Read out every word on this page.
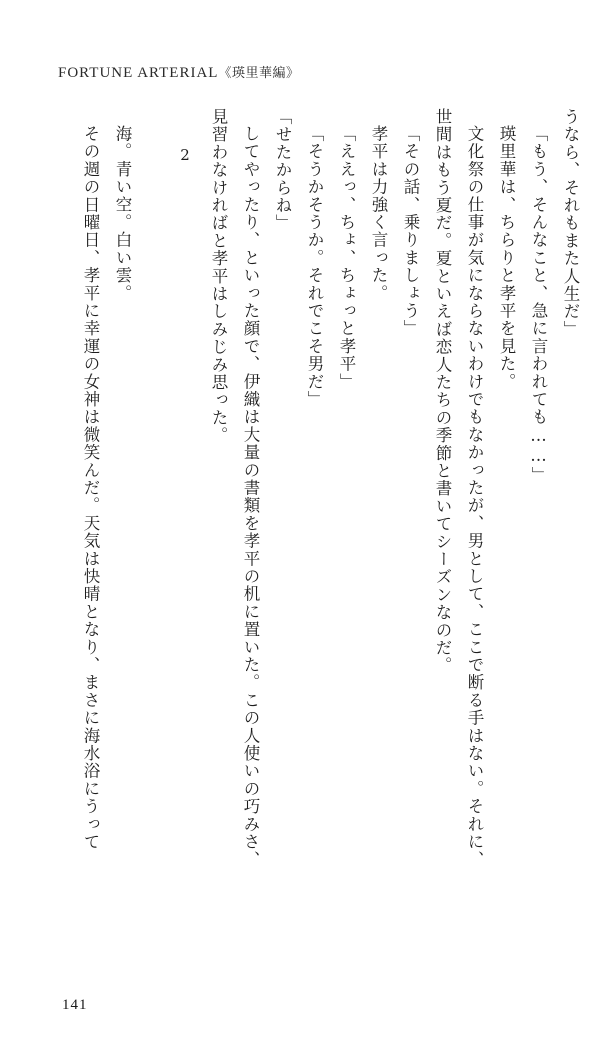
FORTUNE ARTERIAL《瑛里華編》
うなら、それもまた人生だ」
「もう、そんなこと、急に言われても……」
瑛里華は、ちらりと孝平を見た。
文化祭の仕事が気にならないわけでもなかったが、男として、ここで断る手はない。それに、
世間はもう夏だ。夏といえば恋人たちの季節と書いてシーズンなのだ。
「その話、乗りましょう」
孝平は力強く言った。
「ええっ、ちょ、ちょっと孝平」
「そうかそうか。それでこそ男だ」
「せたからね」
してやったり、といった顔で、伊織は大量の書類を孝平の机に置いた。この人使いの巧みさ、
見習わなければと孝平はしみじみ思った。
2
海。青い空。白い雲。
その週の日曜日、孝平に幸運の女神は微笑んだ。天気は快晴となり、まさに海水浴にうって
141
